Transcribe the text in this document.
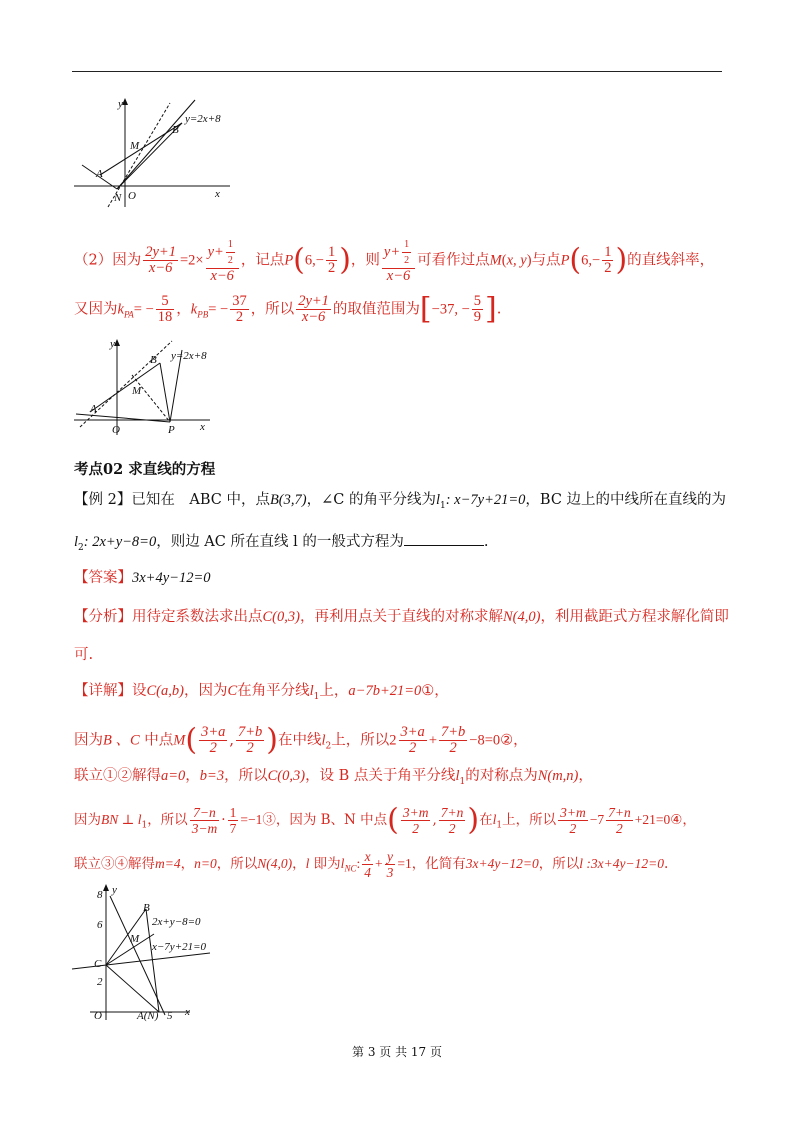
y
x
y=2x+8
B
M
A
N O
（2）因为 $\frac{2y+1}{x-6} =2\times \frac{y+ \frac{1}{2}}{x-6}$ ，记点$P(6,- \frac{1}{2}$ )，则 $\frac{y+ \frac{1}{2}}{x-6}$ 可看作过点M(x, y)与点$P(6,- \frac{1}{2}$ )的直线斜率，
又因为$k_{PA}= - \frac{5}{18}$ ，$k_{PB}= - \frac{37}{2}$ ，所以 $\frac{2y+1}{x-6}$ 的取值范围为[−37, − $\frac{5}{9}$ ].
y
B y=2x+8
M
A
O	P x
考点02 求直线的方程
【例 2】已知在　ABC 中，点B(3,7)，∠C 的角平分线为$l_1$: x−7y+21=0，BC 边上的中线所在直线的为
$l_2$: 2x+y−8=0，则边 AC 所在直线 l 的一般式方程为	.
【答案】3x+4y−12=0
【分析】用待定系数法求出点C(0,3)，再利用点关于直线的对称求解N(4,0)，利用截距式方程求解化简即
可.
【详解】设C(a,b)，因为C在角平分线$l_1$上，a−7b+21=0①，
因为B 、C 中点$M( \frac{3+a}{2}$ , $\frac{7+b}{2}$ )在中线$l_2$上，所以$2 \frac{3+a}{2} + \frac{7+b}{2}$ −8=0②，
联立①②解得a=0，b=3，所以C(0,3)，设 B 点关于角平分线$l_1$的对称点为N(m,n)，
因为BN ⊥ $l_1$，所以 $\frac{7-n}{3-m} \cdot \frac{1}{7}$ =−1③，因为 B、N 中点( $\frac{3+m}{2}$ , $\frac{7+n}{2}$ )在$l_1$上，所以 $\frac{3+m}{2} -7 \frac{7+n}{2}$ +21=0④，
联立③④解得m=4，n=0，所以N(4,0)，l 即为$l_{NC}$: $\frac{x}{4} + \frac{y}{3} =1$，化简有3x+4y−12=0，所以l :3x+4y−12=0.
y
8
6
2
B
2x+y−8=0
M
x−7y+21=0
C
O	A(N) 5 x
第 3 页 共 17 页
